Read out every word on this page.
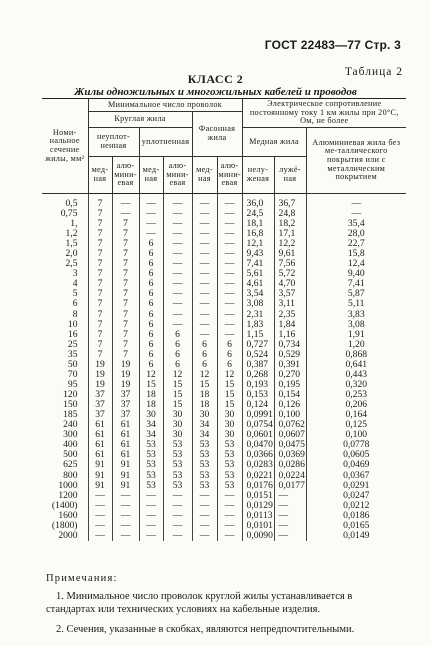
ГОСТ 22483—77 Стр. 3
Таблица 2
КЛАСС 2
Жилы одножильных и многожильных кабелей и проводов
Номи-нальное сечение жилы, мм²	Минимальное число проволок						Электрическое сопротивление постоянному току 1 км жилы при 20°С, Ом, не более		
	Круглая жила				Фасонная жила				
	неуплот-ненная		уплотненная				Медная жила		Алюминиевая жила без ме-таллического покрытия или с металлическим покрытием
	мед-ная	алю-мини-евая	мед-ная	алю-мини-евая	мед-ная	алю-мини-евая	нелу-женая	лужё-ная	
0,5	7	—	—	—	—	—	36,0	36,7	—
0,75	7	—	—	—	—	—	24,5	24,8	—
1,	7	7	—	—	—	—	18,1	18,2	35,4
1,2	7	7	—	—	—	—	16,8	17,1	28,0
1,5	7	7	6	—	—	—	12,1	12,2	22,7
2,0	7	7	6	—	—	—	9,43	9,61	15,8
2,5	7	7	6	—	—	—	7,41	7,56	12,4
3	7	7	6	—	—	—	5,61	5,72	9,40
4	7	7	6	—	—	—	4,61	4,70	7,41
5	7	7	6	—	—	—	3,54	3,57	5,87
6	7	7	6	—	—	—	3,08	3,11	5,11
8	7	7	6	—	—	—	2,31	2,35	3,83
10	7	7	6	—	—	—	1,83	1,84	3,08
16	7	7	6	6	—	—	1,15	1,16	1,91
25	7	7	6	6	6	6	0,727	0,734	1,20
35	7	7	6	6	6	6	0,524	0,529	0,868
50	19	19	6	6	6	6	0,387	0,391	0,641
70	19	19	12	12	12	12	0,268	0,270	0,443
95	19	19	15	15	15	15	0,193	0,195	0,320
120	37	37	18	15	18	15	0,153	0,154	0,253
150	37	37	18	15	18	15	0,124	0,126	0,206
185	37	37	30	30	30	30	0,0991	0,100	0,164
240	61	61	34	30	34	30	0,0754	0,0762	0,125
300	61	61	34	30	34	30	0,0601	0,0607	0,100
400	61	61	53	53	53	53	0,0470	0,0475	0,0778
500	61	61	53	53	53	53	0,0366	0,0369	0,0605
625	91	91	53	53	53	53	0,0283	0,0286	0,0469
800	91	91	53	53	53	53	0,0221	0,0224	0,0367
1000	91	91	53	53	53	53	0,0176	0,0177	0,0291
1200	—	—	—	—	—	—	0,0151	—	0,0247
(1400)	—	—	—	—	—	—	0,0129	—	0,0212
1600	—	—	—	—	—	—	0,0113	—	0,0186
(1800)	—	—	—	—	—	—	0,0101	—	0,0165
2000	—	—	—	—	—	—	0,0090	—	0,0149
Примечания:

1. Минимальное число проволок круглой жилы устанавливается в стандартах или технических условиях на кабельные изделия.

2. Сечения, указанные в скобках, являются непредпочтительными.
